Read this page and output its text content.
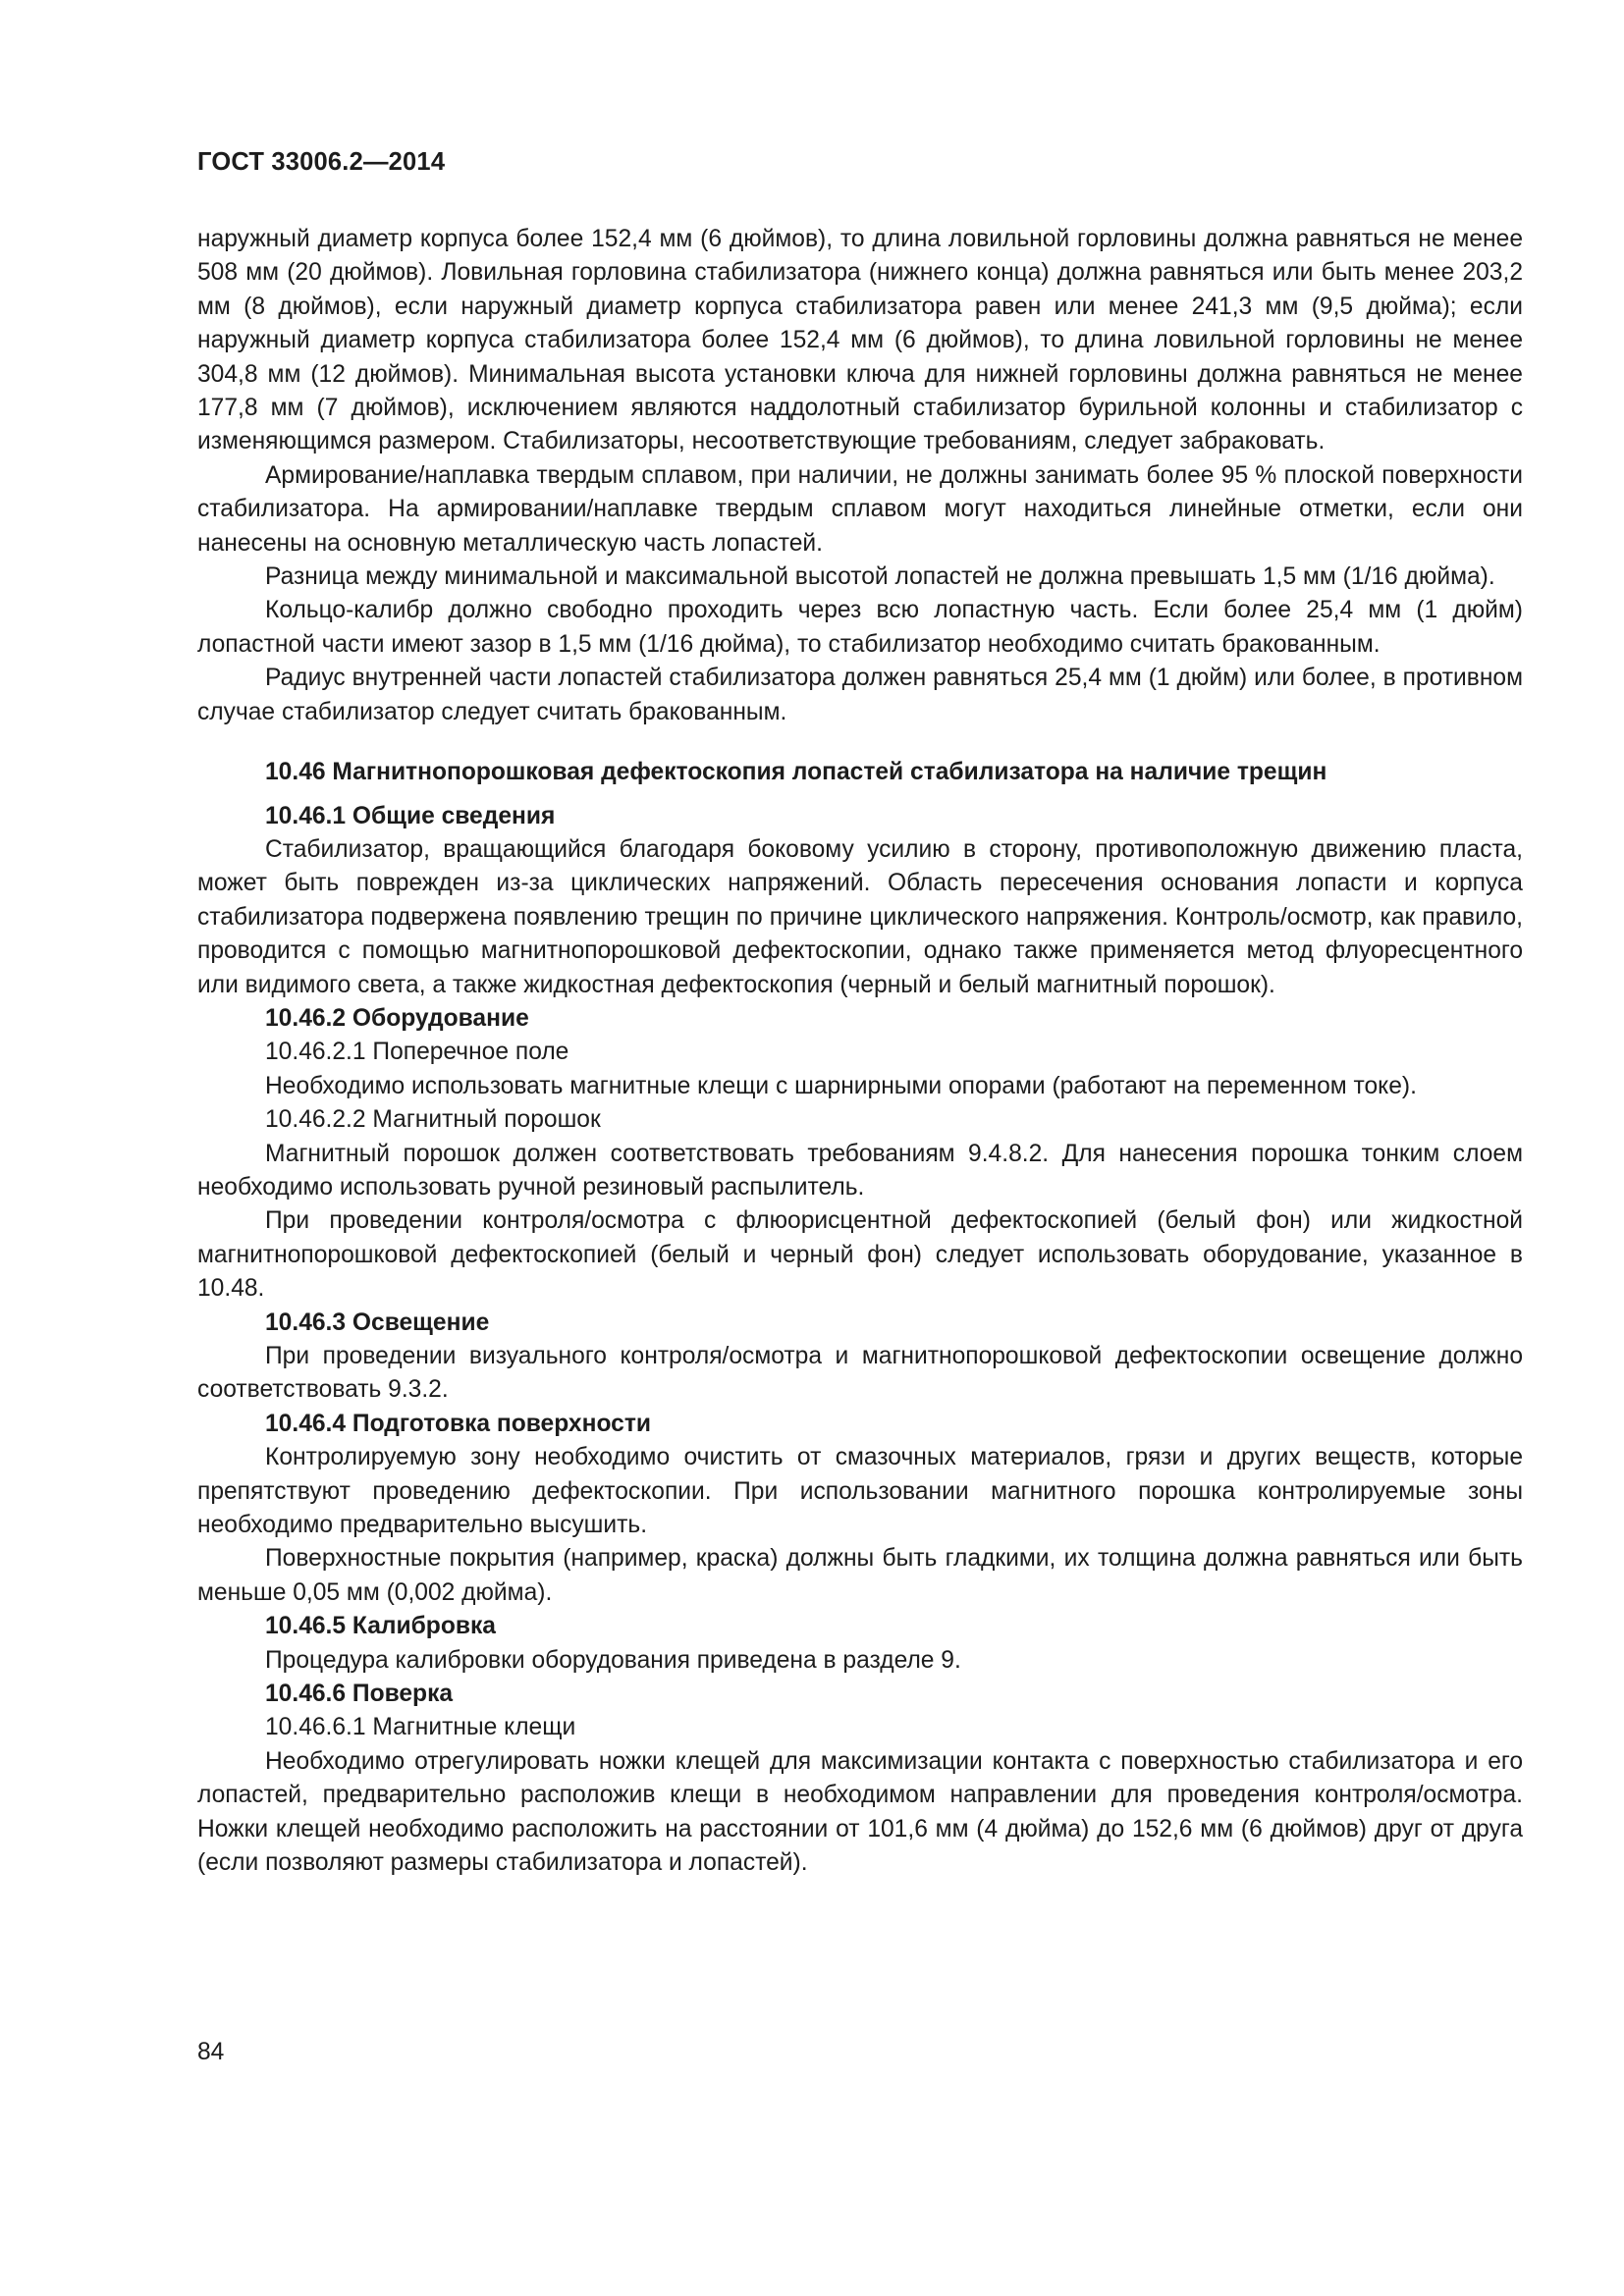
ГОСТ 33006.2—2014

наружный диаметр корпуса более 152,4 мм (6 дюймов), то длина ловильной горловины должна равняться не менее 508 мм (20 дюймов). Ловильная горловина стабилизатора (нижнего конца) должна равняться или быть менее 203,2 мм (8 дюймов), если наружный диаметр корпуса стабилизатора равен или менее 241,3 мм (9,5 дюйма); если наружный диаметр корпуса стабилизатора более 152,4 мм (6 дюймов), то длина ловильной горловины не менее 304,8 мм (12 дюймов). Минимальная высота установки ключа для нижней горловины должна равняться не менее 177,8 мм (7 дюймов), исключением являются наддолотный стабилизатор бурильной колонны и стабилизатор с изменяющимся размером. Стабилизаторы, несоответствующие требованиям, следует забраковать.

Армирование/наплавка твердым сплавом, при наличии, не должны занимать более 95 % плоской поверхности стабилизатора. На армировании/наплавке твердым сплавом могут находиться линейные отметки, если они нанесены на основную металлическую часть лопастей.

Разница между минимальной и максимальной высотой лопастей не должна превышать 1,5 мм (1/16 дюйма).

Кольцо-калибр должно свободно проходить через всю лопастную часть. Если более 25,4 мм (1 дюйм) лопастной части имеют зазор в 1,5 мм (1/16 дюйма), то стабилизатор необходимо считать бракованным.

Радиус внутренней части лопастей стабилизатора должен равняться 25,4 мм (1 дюйм) или более, в противном случае стабилизатор следует считать бракованным.

10.46 Магнитнопорошковая дефектоскопия лопастей стабилизатора на наличие трещин
10.46.1 Общие сведения

Стабилизатор, вращающийся благодаря боковому усилию в сторону, противоположную движению пласта, может быть поврежден из-за циклических напряжений. Область пересечения основания лопасти и корпуса стабилизатора подвержена появлению трещин по причине циклического напряжения. Контроль/осмотр, как правило, проводится с помощью магнитнопорошковой дефектоскопии, однако также применяется метод флуоресцентного или видимого света, а также жидкостная дефектоскопия (черный и белый магнитный порошок).

10.46.2 Оборудование
10.46.2.1 Поперечное поле

Необходимо использовать магнитные клещи с шарнирными опорами (работают на переменном токе).

10.46.2.2 Магнитный порошок

Магнитный порошок должен соответствовать требованиям 9.4.8.2. Для нанесения порошка тонким слоем необходимо использовать ручной резиновый распылитель.

При проведении контроля/осмотра с флюорисцентной дефектоскопией (белый фон) или жидкостной магнитнопорошковой дефектоскопией (белый и черный фон) следует использовать оборудование, указанное в 10.48.

10.46.3 Освещение

При проведении визуального контроля/осмотра и магнитнопорошковой дефектоскопии освещение должно соответствовать 9.3.2.

10.46.4 Подготовка поверхности

Контролируемую зону необходимо очистить от смазочных материалов, грязи и других веществ, которые препятствуют проведению дефектоскопии. При использовании магнитного порошка контролируемые зоны необходимо предварительно высушить.

Поверхностные покрытия (например, краска) должны быть гладкими, их толщина должна равняться или быть меньше 0,05 мм (0,002 дюйма).

10.46.5 Калибровка

Процедура калибровки оборудования приведена в разделе 9.

10.46.6 Поверка
10.46.6.1 Магнитные клещи

Необходимо отрегулировать ножки клещей для максимизации контакта с поверхностью стабилизатора и его лопастей, предварительно расположив клещи в необходимом направлении для проведения контроля/осмотра. Ножки клещей необходимо расположить на расстоянии от 101,6 мм (4 дюйма) до 152,6 мм (6 дюймов) друг от друга (если позволяют размеры стабилизатора и лопастей).

84
